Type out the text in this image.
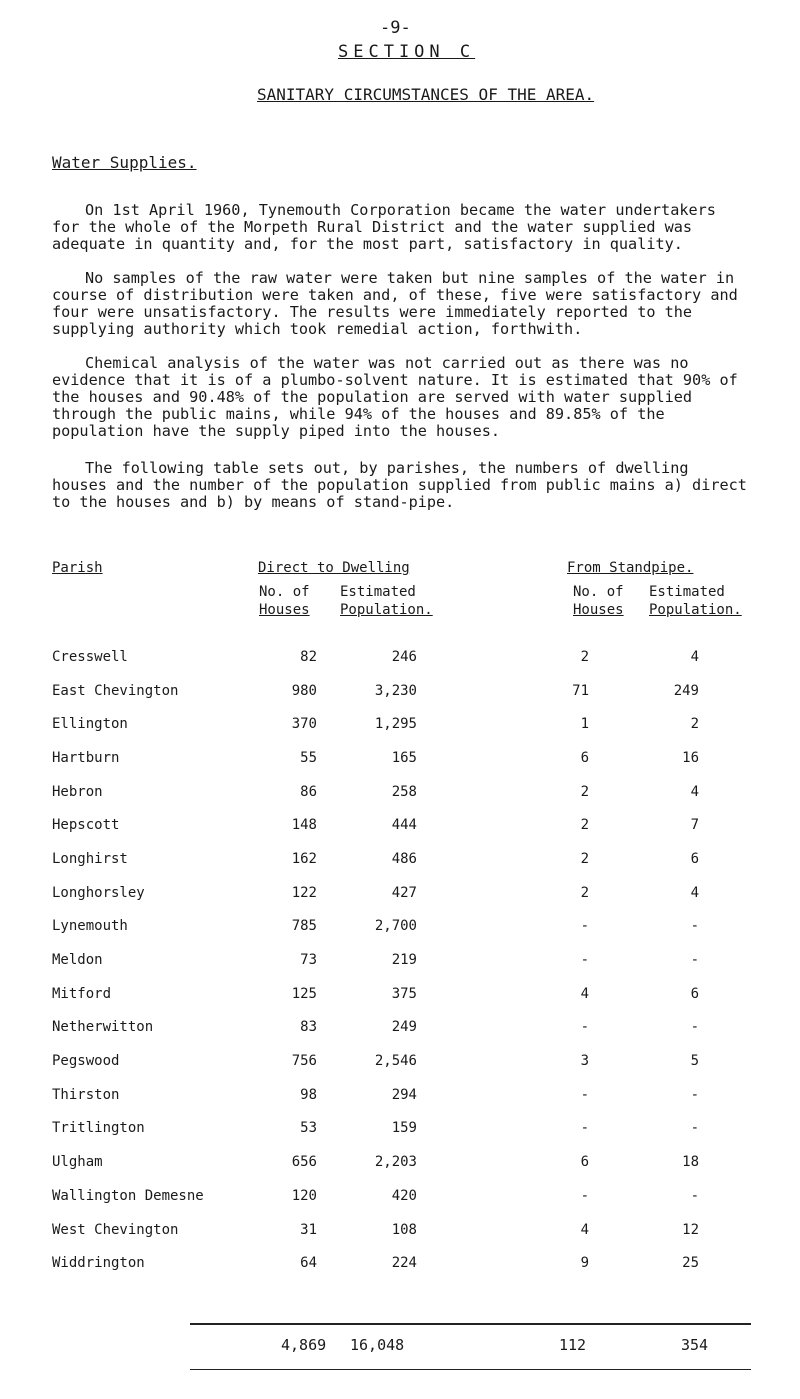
-9-
SECTION C
SANITARY CIRCUMSTANCES OF THE AREA.
Water Supplies.

On 1st April 1960, Tynemouth Corporation became the water undertakers for the whole of the Morpeth Rural District and the water supplied was adequate in quantity and, for the most part, satisfactory in quality.

No samples of the raw water were taken but nine samples of the water in course of distribution were taken and, of these, five were satisfactory and four were unsatisfactory. The results were immediately reported to the supplying authority which took remedial action, forthwith.

Chemical analysis of the water was not carried out as there was no evidence that it is of a plumbo-solvent nature. It is estimated that 90% of the houses and 90.48% of the population are served with water supplied through the public mains, while 94% of the houses and 89.85% of the population have the supply piped into the houses.

The following table sets out, by parishes, the numbers of dwelling houses and the number of the population supplied from public mains a) direct to the houses and b) by means of stand-pipe.

Parish	Direct to Dwelling	From Standpipe.
No. of Estimated	No. of Estimated
Houses Population.	Houses Population.
Cresswell	82	246	2	4
East Chevington	980	3,230	71	249
Ellington	370	1,295	1	2
Hartburn	55	165	6	16
Hebron	86	258	2	4
Hepscott	148	444	2	7
Longhirst	162	486	2	6
Longhorsley	122	427	2	4
Lynemouth	785	2,700	-	-
Meldon	73	219	-	-
Mitford	125	375	4	6
Netherwitton	83	249	-	-
Pegswood	756	2,546	3	5
Thirston	98	294	-	-
Tritlington	53	159	-	-
Ulgham	656	2,203	6	18
Wallington Demesne	120	420	-	-
West Chevington	31	108	4	12
Widdrington	64	224	9	25
4,869 16,048	112	354
